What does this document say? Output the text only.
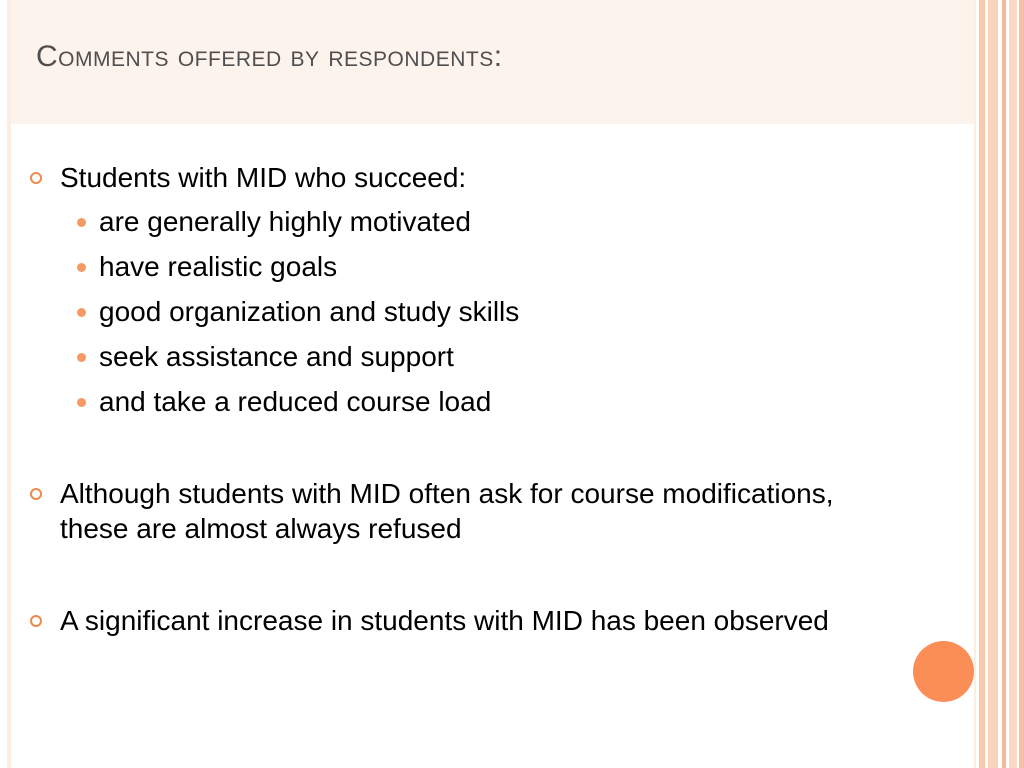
Comments offered by respondents:
Students with MID who succeed:
are generally highly motivated
have realistic goals
good organization and study skills
seek assistance and support
and take a reduced course load
Although students with MID often ask for course modifications, these are almost always refused
A significant increase in students with MID has been observed
